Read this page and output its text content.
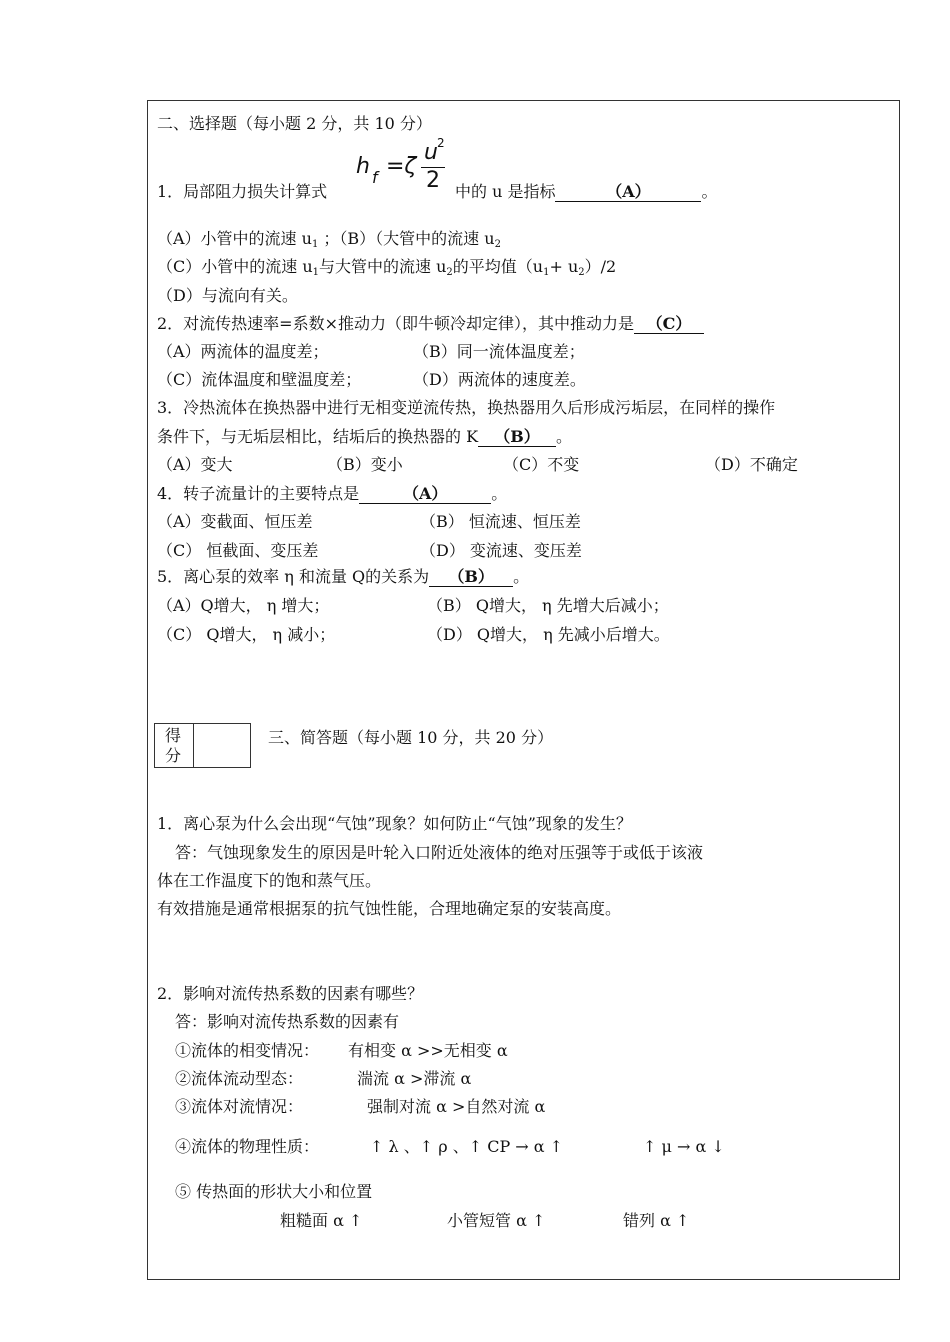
二、选择题（每小题 2 分，共 10 分）
1．局部阻力损失计算式
h f =ζ
u 2
2 中的 u 是指标	（A）	。
（A）小管中的流速 $u_1$ ；（B）（大管中的流速 $u_2$
（C）小管中的流速 $u_1$与大管中的流速 $u_2$的平均值$(u_1+ u_2)/2$
（D）与流向有关。
2．对流传热速率=系数×推动力（即牛顿冷却定律），其中推动力是 （C）
（A）两流体的温度差；	（B）同一流体温度差；
（C）流体温度和壁温度差；	（D）两流体的速度差。
3．冷热流体在换热器中进行无相变逆流传热，换热器用久后形成污垢层，在同样的操作
条件下，与无垢层相比，结垢后的换热器的 K （B） 。
（A）变大	（B）变小	（C）不变	（D）不确定
4．转子流量计的主要特点是	（A）	。
（A）变截面、恒压差	（B） 恒流速、恒压差
（C） 恒截面、变压差	（D） 变流速、变压差
5．离心泵的效率 η 和流量 Q的关系为 （B） 。
（A）Q增大， η 增大；	（B） Q增大， η 先增大后减小；
（C） Q增大， η 减小；	（D） Q增大， η 先减小后增大。
得分
三、简答题（每小题 10 分，共 20 分）
1．离心泵为什么会出现“气蚀”现象？如何防止“气蚀”现象的发生？
答：气蚀现象发生的原因是叶轮入口附近处液体的绝对压强等于或低于该液
体在工作温度下的饱和蒸气压。
有效措施是通常根据泵的抗气蚀性能，合理地确定泵的安装高度。
2．影响对流传热系数的因素有哪些？
答：影响对流传热系数的因素有
①流体的相变情况： 有相变 α >>无相变 α
②流体流动型态：	湍流 α >滞流 α
③流体对流情况：	强制对流 α >自然对流 α
④流体的物理性质：	↑ λ 、↑ ρ 、↑ CP → α ↑	↑ μ → α ↓
⑤ 传热面的形状大小和位置
粗糙面 α ↑	小管短管 α ↑	错列 α ↑
